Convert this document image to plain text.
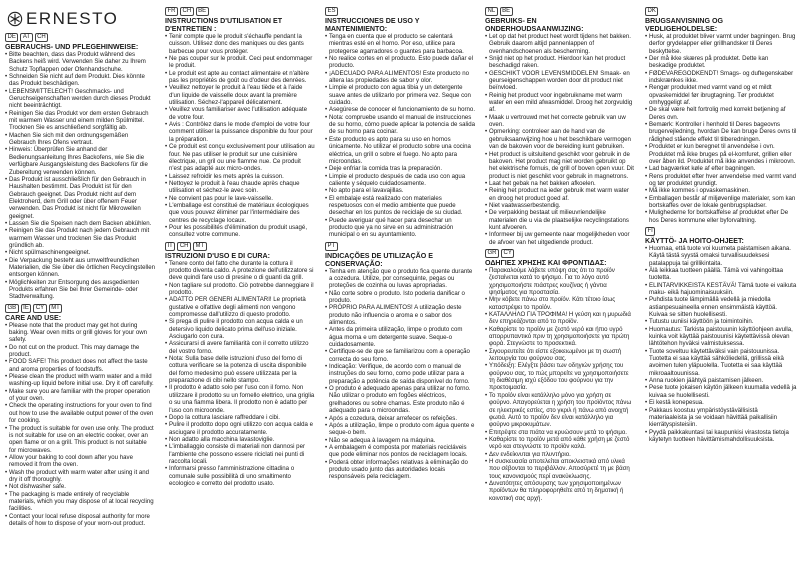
ERNESTO
DE	AT	CH
GEBRAUCHS- UND PFLEGEHINWEISE:
• Bitte beachten, dass das Produkt während des Backens heiß wird. Verwenden Sie daher zu Ihrem Schutz Topflappen oder Ofenhandschuhe.
• Schneiden Sie nicht auf dem Produkt. Dies könnte das Produkt beschädigen.
• LEBENSMITTELECHT! Geschmacks- und Geruchseigenschaften werden durch dieses Produkt nicht beeinträchtigt.
• Reinigen Sie das Produkt vor dem ersten Gebrauch mit warmem Wasser und einem milden Spülmittel. Trocknen Sie es anschließend sorgfältig ab.
• Machen Sie sich mit den ordnungsgemäßen Gebrauch Ihres Ofens vertraut.
• Hinweis: Überprüfen Sie anhand der Bedienungsanleitung Ihres Backofens, wie Sie die verfügbare Ausgangsleistung des Backofens für die Zubereitung verwenden können.
• Das Produkt ist ausschließlich für den Gebrauch in Haushalten bestimmt. Das Produkt ist für den Gebrauch geeignet. Das Produkt nicht auf dem Elektroherd, dem Grill oder über offenem Feuer verwenden. Das Produkt ist nicht für Mikrowellen geeignet.
• Lassen Sie die Speisen nach dem Backen abkühlen.
• Reinigen Sie das Produkt nach jedem Gebrauch mit warmem Wasser und trocknen Sie das Produkt gründlich ab.
• Nicht spülmaschinengeeignet.
• Die Verpackung besteht aus umweltfreundlichen Materialien, die Sie über die örtlichen Recyclingstellen entsorgen können.
• Möglichkeiten zur Entsorgung des ausgedienten Produkts erfahren Sie bei Ihrer Gemeinde- oder Stadtverwaltung.
GB	IE	CY	MT
CARE AND USE:
• Please note that the product may get hot during baking. Wear oven mitts or grill gloves for your own safety.
• Do not cut on the product. This may damage the product.
• FOOD SAFE! This product does not affect the taste and aroma properties of foodstuffs.
• Please clean the product with warm water and a mild washing-up liquid before initial use. Dry it off carefully.
• Make sure you are familiar with the proper operation of your oven.
• Check the operating instructions for your oven to find out how to use the available output power of the oven for cooking.
• The product is suitable for oven use only. The product is not suitable for use on an electric cooker, over an open flame or on a grill. This product is not suitable for microwaves.
• Allow your baking to cool down after you have removed it from the oven.
• Wash the product with warm water after using it and dry it off thoroughly.
• Not dishwasher safe.
• The packaging is made entirely of recyclable materials, which you may dispose of at local recycling facilities.
• Contact your local refuse disposal authority for more details of how to dispose of your worn-out product.
FR	CH	BE
INSTRUCTIONS D'UTILISATION ET D'ENTRETIEN :
• Tenir compte que le produit s'échauffe pendant la cuisson. Utilisez donc des maniques ou des gants barbecue pour vous protéger.
• Ne pas couper sur le produit. Ceci peut endommager le produit.
• Le produit est apte au contact alimentaire et n'altère pas les propriétés de goût ou d'odeur des denrées.
• Veuillez nettoyer le produit à l'eau tiède et à l'aide d'un liquide de vaisselle doux avant la première utilisation. Séchez-l'appareil délicatement.
• Veuillez vous familiariser avec l'utilisation adéquate de votre four.
• Avis : Contrôlez dans le mode d'emploi de votre four comment utiliser la puissance disponible du four pour la préparation.
• Ce produit est conçu exclusivement pour utilisation au four. Ne pas utiliser le produit sur une cuisinière électrique, un gril ou une flamme nue. Ce produit n'est pas adapté aux micro-ondes.
• Laissez refroidir les mets après la cuisson.
• Nettoyez le produit à l'eau chaude après chaque utilisation et séchez-le avec soin.
• Ne convient pas pour le lave-vaisselle.
• L'emballage est constitué de matériaux écologiques que vous pouvez éliminer par l'intermédiaire des centres de recyclage locaux.
• Pour les possibilités d'élimination du produit usagé, consultez votre commune.
IT	CH	MT
ISTRUZIONI D'USO E DI CURA:
• Tenere conto del fatto che durante la cottura il prodotto diventa caldo. A protezione dell'utilizzatore si deve quindi fare uso di presine o di guanti da grill.
• Non tagliare sul prodotto. Ciò potrebbe danneggiare il prodotto.
• ADATTO PER GENERI ALIMENTARI! Le proprietà gustative e olfattive degli alimenti non vengono compromesse dall'utilizzo di questo prodotto.
• Si prega di pulire il prodotto con acqua calda e un detersivo liquido delicato prima dell'uso iniziale. Asciugarlo con cura.
• Assicurarsi di avere familiarità con il corretto utilizzo del vostro forno.
• Nota: Sulla base delle istruzioni d'uso del forno di cottura verificare se la potenza di uscita disponibile del forno medesimo può essere utilizzata per la preparazione di cibi nello stampo.
• Il prodotto è adatto solo per l'uso con il forno. Non utilizzare il prodotto su un fornello elettrico, una griglia o su una fiamma libera. Il prodotto non è adatto per l'uso con microonde.
• Dopo la cottura lasciare raffreddare i cibi.
• Pulire il prodotto dopo ogni utilizzo con acqua calda e asciugare il prodotto accuratamente.
• Non adatto alla macchina lavastoviglie.
• L'imballaggio consiste di materiali non dannosi per l'ambiente che possono essere riciclati nei punti di raccolta locali.
• Informarsi presso l'amministrazione cittadina o comunale sulle possibilità di uno smaltimento ecologico e corretto del prodotto usato.
ES
INSTRUCCIONES DE USO Y MANTENIMIENTO:
• Tenga en cuenta que el producto se calentará mientras esté en el horno. Por eso, utilice para protegerse agarradores o guantes para barbacoa.
• No realice cortes en el producto. Esto puede dañar el producto.
• ¡ADECUADO PARA ALIMENTOS! Este producto no altera las propiedades de sabor y olor.
• Limpie el producto con agua tibia y un detergente suave antes de utilizarlo por primera vez. Seque con cuidado.
• Asegúrese de conocer el funcionamiento de su horno.
• Nota: compruebe usando el manual de instrucciones de su horno, cómo puede aplicar la potencia de salida de su horno para cocinar.
• Este producto es apto para su uso en hornos únicamente. No utilizar el producto sobre una cocina eléctrica, un grill o sobre el fuego. No apto para microondas.
• Deje enfriar la comida tras la preparación.
• Limpie el producto después de cada uso con agua caliente y séquelo cuidadosamente.
• No apto para el lavavajillas.
• El embalaje está realizado con materiales respetuosos con el medio ambiente que puede desechar en los puntos de reciclaje de su ciudad.
• Puede averiguar qué hacer para desechar un producto que ya no sirve en su administración municipal o en su ayuntamiento.
PT
INDICAÇÕES DE UTILIZAÇÃO E CONSERVAÇÃO:
• Tenha em atenção que o produto fica quente durante a cozedura. Utilize, por consequinte, pegas ou proteções de cozinha ou luvas apropriadas.
• Não corte sobre o produto. Isto poderia danificar o produto.
• PRÓPRIO PARA ALIMENTOS! A utilização deste produto não influencia o aroma e o sabor dos alimentos.
• Antes da primeira utilização, limpe o produto com água morna e um detergente suave. Seque-o cuidadosamente.
• Certifique-se de que se familiarizou com a operação correcta do seu forno.
• Indicação: Verifique, de acordo com o manual de instruções do seu forno, como pode utilizar para a preparação a potência de saída disponível do forno.
• O produto é adequado apenas para utilizar no forno. Não utilizar o produto em fogões eléctricos, grelhadores ou sobre chamas. Este produto não é adequado para o microondas.
• Após a cozedura, deixar arrefecer os refeições.
• Após a utilização, limpe o produto com água quente e seque-o bem.
• Não se adequa à lavagem na máquina.
• A embalagem é composta por materiais recicláveis que pode eliminar nos pontos de reciclagem locais.
• Poderá obter informações relativas à eliminação do produto usado junto das autoridades locais responsáveis pela reciclagem.
NL	BE
GEBRUIKS- EN ONDERHOUDSAANWIJZING:
• Let op dat het product heet wordt tijdens het bakken. Gebruik daarom altijd pannenlappen of ovenhandschoenen als bescherming.
• Snijd niet op het product. Hierdoor kan het product beschadigd raken.
• GESCHIKT VOOR LEVENSMIDDELEN! Smaak- en geurseigenschappen worden door dit product niet beïnvloed.
• Reinig het product voor ingebruikname met warm water en een mild afwasmiddel. Droog het zorgvuldig af.
• Maak u vertrouwd met het correcte gebruik van uw oven.
• Opmerking: controleer aan de hand van de gebruiksaanwijzing hoe u het beschikbare vermogen van de bakoven voor de bereiding kunt gebruiken.
• Het product is uitsluitend geschikt voor gebruik in de bakoven. Het product mag niet worden gebruikt op het elektrische fornuis, de grill of boven open vuur. Dit product is niet geschikt voor gebruik in magnetrons.
• Laat het gebak na het bakken afkoelen.
• Reinig het product na ieder gebruik met warm water en droog het product goed af.
• Niet vaatwasserbestendig.
• De verpakking bestaat uit milieuvriendelijke materialen die u via de plaatselijke recyclingstations kunt afvoeren.
• Informeer bij uw gemeente naar mogelijkheden voor de afvoer van het uitgediende product.
GR	CY
ΟΔΗΓΙΕΣ ΧΡΗΣΗΣ ΚΑΙ ΦΡΟΝΤΙΔΑΣ:
• Παρακαλούμε λάβετε υπόψη σας ότι το προϊόν ζεσταίνεται κατά το ψήσιμο. Για το λόγο αυτό χρησιμοποιήστε πιάστρες κουζίνας ή γάντια ψησίματος για προστασία.
• Μην κόβετε πάνω στο προϊόν. Κάτι τέτοιο ίσως καταστρέψει το προϊόν.
• ΚΑΤΑΛΛΗΛΟ ΓΙΑ ΤΡΟΦΙΜΑ! Η γεύση και η μυρωδιά δεν επηρεάζονται από το προϊόν.
• Καθαρίστε το προϊόν με ζεστό νερό και ήπιο υγρό απορρυπαντικό πριν τη χρησιμοποιήσετε για πρώτη φορά. Στεγνώστε το προσεκτικά.
• Σιγουρευτείτε ότι είστε εξοικειωμένοι με τη σωστή λειτουργία του φούρνου σας.
• Υπόδειξη: Ελέγξτε βάσει των οδηγιών χρήσης του φούρνου σας, το πώς μπορείτε να χρησιμοποιήσετε τη διαθέσιμη ισχύ εξόδου του φούρνου για την προετοιμασία.
• Το προϊόν είναι κατάλληλο μόνο για χρήση σε φούρνο. Απαγορεύεται η χρήση του προϊόντος πάνω σε ηλεκτρικές εστίες, στο γκριλ ή πάνω από ανοιχτή φωτιά. Αυτό το προϊόν δεν είναι κατάλληλο για φούρνο μικροκυμάτων.
• Επιτρέψτε στα πιάτα να κρυώσουν μετά το ψήσιμο.
• Καθαρίστε το προϊόν μετά από κάθε χρήση με ζεστό νερό και στεγνώστε το προϊόν καλά.
• Δεν ενδείκνυται για πλυντήριο.
• Η συσκευασία αποτελείται αποκλειστικά από υλικά που σέβονται το περιβάλλον. Αποσύρετέ τη με βάση τους κανονισμούς περί ανακύκλωσης.
• Δυνατότητες απόσυρσης των χρησιμοποιημένων προϊόντων θα πληροφορηθείτε από τη δημοτική ή κοινοτική σας αρχή.
DK
BRUGSANVISNING OG VEDLIGEHOLDELSE:
• Husk, at produktet bliver varmt under bagningen. Brug derfor grydelapper eller grillhandsker til Deres beskyttelse.
• Der må ikke skæres på produktet. Dette kan beskadige produktet.
• FØDEVAREGODKENDT! Smags- og duftegenskaber indskrænkes ikke.
• Rengør produktet med varmt vand og et mildt opvaskemiddel før ibrugtagning. Tør produktet omhyggeligt af.
• De skal være helt fortrolig med korrekt betjening af Deres ovn.
• Bemærk: Kontroller i henhold til Deres bageovns brugervejledning, hvordan De kan bruge Deres ovns til rådighed stående effekt til tilberedningen.
• Produktet er kun beregnet til anvendelse i ovn. Produktet må ikke bruges på el-komfuret, grillen eller over åben ild. Produktet må ikke anvendes i mikroovn.
• Lad bagværket køle af efter bagningen.
• Rens produktet efter hver anvendelse med varmt vand og tør produktet grundigt.
• Må ikke kommes i opvaskemaskinen.
• Emballagen består af miljøvenlige materialer, som kan bortskaffes over de lokale genbrugspladser.
• Mulighederne for bortskaffelse af produktet efter De hos Deres kommune eller byforvaltning.
FI
KÄYTTÖ- JA HOITO-OHJEET:
• Huomaa, että tuote voi kuumeta paistamisen aikana. Käytä tästä syystä omaksi turvallisuudeksesi patalappuja tai grillikintaita.
• Älä leikkaa tuotteen päällä. Tämä voi vahingoittaa tuotetta.
• ELINTARVIKKEISTA KESTÄVÄ! Tämä tuote ei vaikuta maku- eikä hajuominaisuuksiin.
• Puhdista tuote lämpimällä vedellä ja miedolla astianpesuaineella ennen ensimmäistä käyttöä. Kuivaa se sitten huolellisesti.
• Tutustu uuniisi käyttöön ja toimintoihin.
• Huomautus: Tarkista paistouunin käyttöohjeen avulla, kuinka voit käyttää paistouunisi käytettävissä olevan lähtötehon hyväksi valmistuksessa.
• Tuote soveltuu käytettäväksi vain paistouunissa. Tuotetta ei saa käyttää sähköliedellä, grillissä eikä avoimen tulen yläpuolella. Tuotetta ei saa käyttää mikroaaltouunissa.
• Anna ruokien jäähtyä paistamisen jälkeen.
• Pese tuote jokaisen käytön jälkeen kuumalla vedellä ja kuivaa se huolellisesti.
• Ei kestä konepesua.
• Pakkaus koostuu ympäristöystävällisistä materiaaleista ja se voidaan hävittää paikallisiin kierrätyspisteisiin.
• Pyydä paikkakuntasi tai kaupunkisi virastosta tietoja käytetyn tuotteen hävittämismahdollisuuksista.
